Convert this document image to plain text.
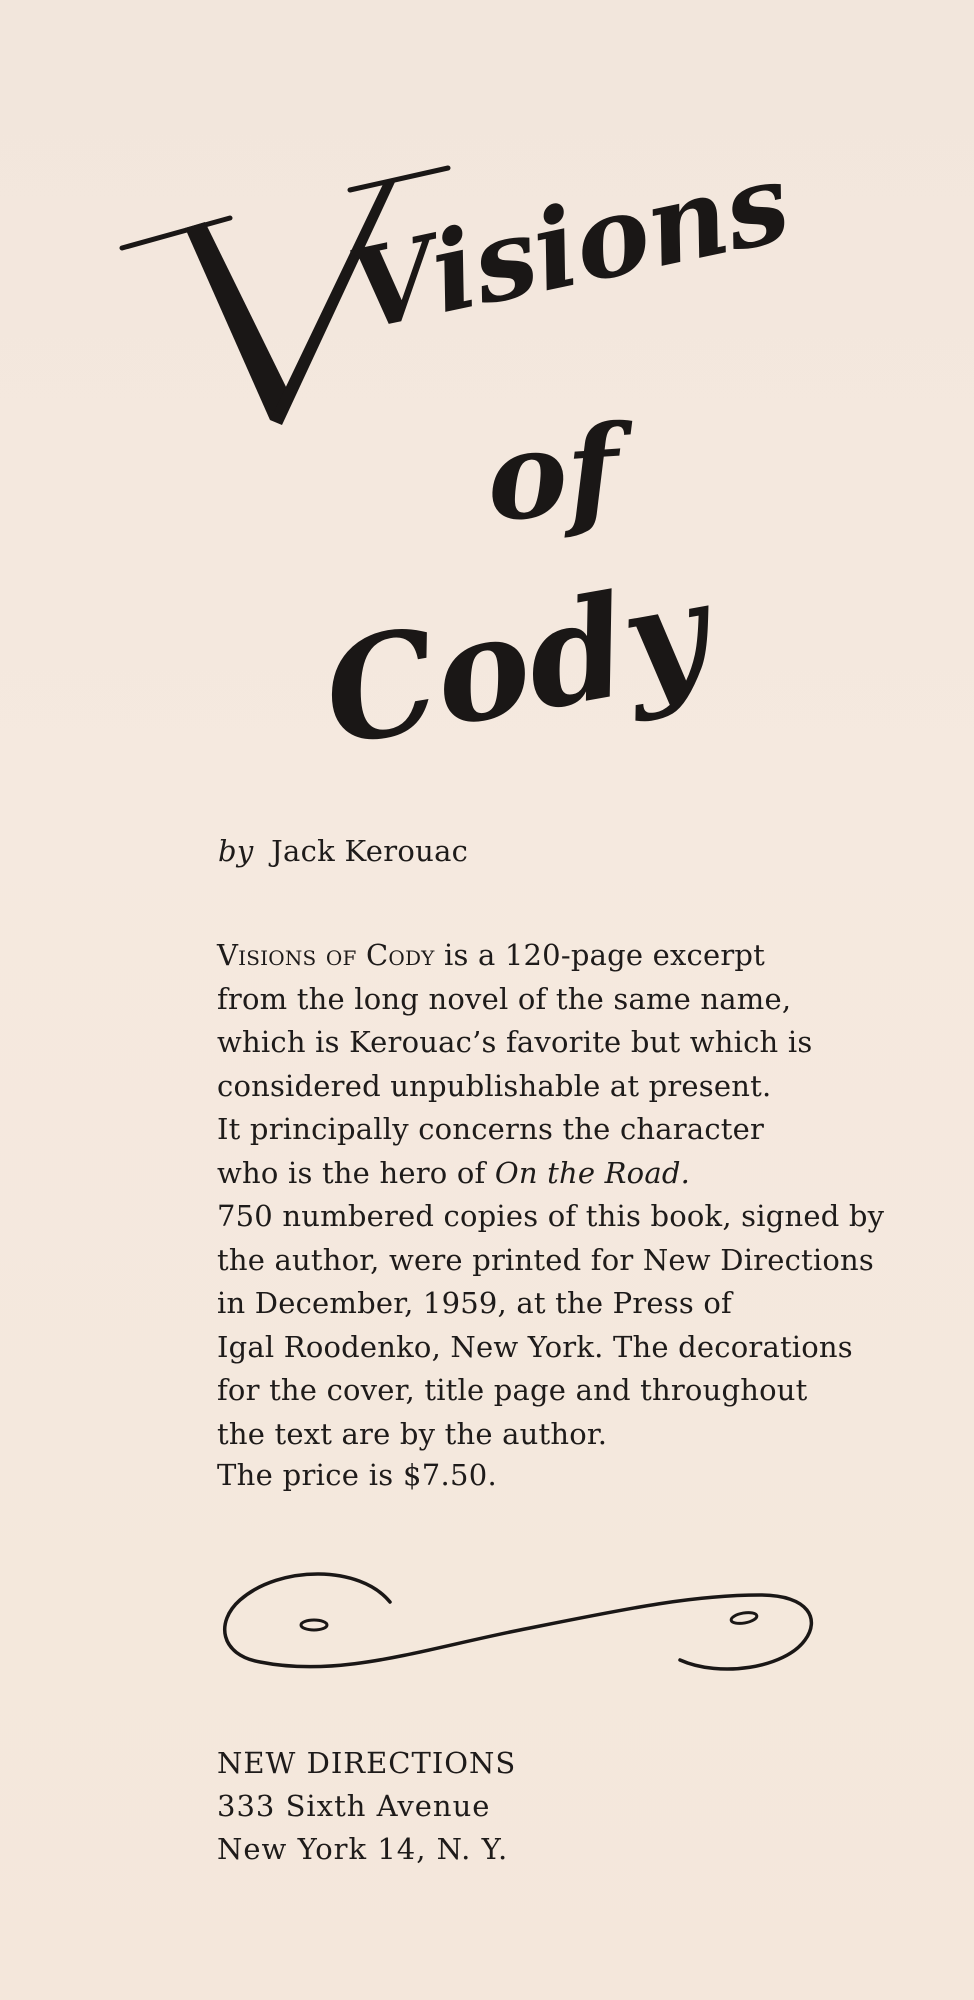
Visions
of
Cody
by Jack Kerouac
Visions of Cody is a 120-page excerpt
from the long novel of the same name,
which is Kerouac’s favorite but which is
considered unpublishable at present.
It principally concerns the character
who is the hero of On the Road.
750 numbered copies of this book, signed by
the author, were printed for New Directions
in December, 1959, at the Press of
Igal Roodenko, New York. The decorations
for the cover, title page and throughout
the text are by the author.
The price is $7.50.
NEW DIRECTIONS
333 Sixth Avenue
New York 14, N. Y.
